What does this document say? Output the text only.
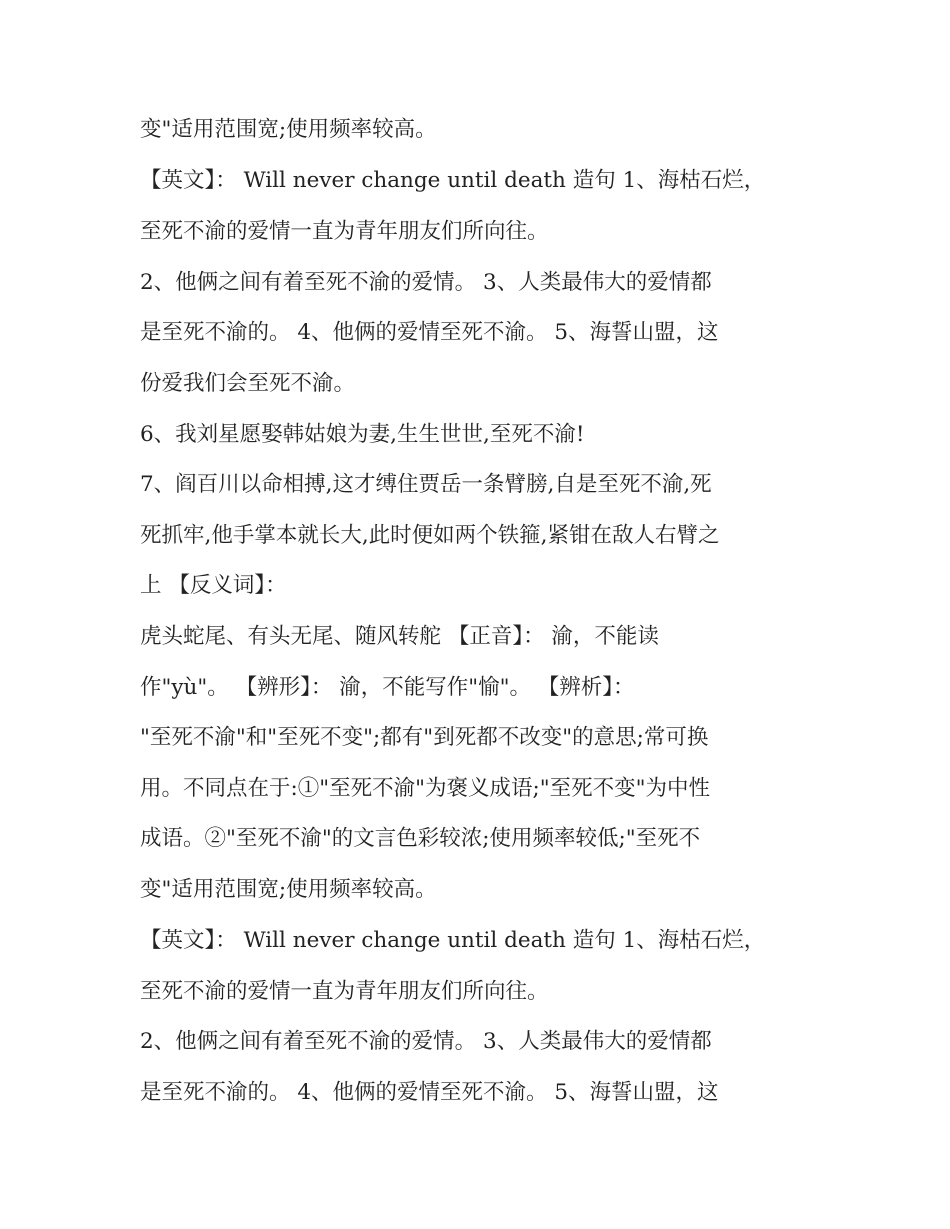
变"适用范围宽;使用频率较高。
【英文】： Will never change until death 造句 1、海枯石烂，
至死不渝的爱情一直为青年朋友们所向往。
2、他俩之间有着至死不渝的爱情。 3、人类最伟大的爱情都
是至死不渝的。 4、他俩的爱情至死不渝。 5、海誓山盟，这
份爱我们会至死不渝。
6、我刘星愿娶韩姑娘为妻,生生世世,至死不渝!
7、阎百川以命相搏,这才缚住贾岳一条臂膀,自是至死不渝,死
死抓牢,他手掌本就长大,此时便如两个铁箍,紧钳在敌人右臂之
上 【反义词】：
虎头蛇尾、有头无尾、随风转舵 【正音】： 渝，不能读
作"yù"。 【辨形】： 渝，不能写作"愉"。 【辨析】：
"至死不渝"和"至死不变";都有"到死都不改变"的意思;常可换
用。不同点在于:①"至死不渝"为褒义成语;"至死不变"为中性
成语。②"至死不渝"的文言色彩较浓;使用频率较低;"至死不
变"适用范围宽;使用频率较高。
【英文】： Will never change until death 造句 1、海枯石烂，
至死不渝的爱情一直为青年朋友们所向往。
2、他俩之间有着至死不渝的爱情。 3、人类最伟大的爱情都
是至死不渝的。 4、他俩的爱情至死不渝。 5、海誓山盟，这
